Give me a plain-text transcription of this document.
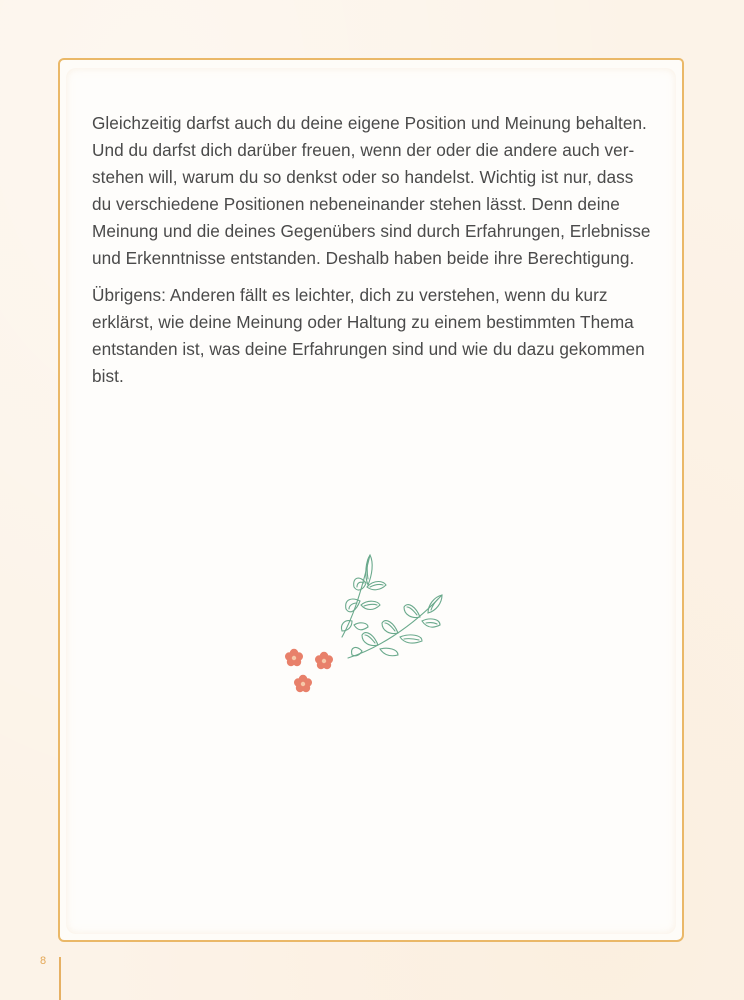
Gleichzeitig darfst auch du deine eigene Position und Meinung behalten.
Und du darfst dich darüber freuen, wenn der oder die andere auch ver-
stehen will, warum du so denkst oder so handelst. Wichtig ist nur, dass
du verschiedene Positionen nebeneinander stehen lässt. Denn deine
Meinung und die deines Gegenübers sind durch Erfahrungen, Erlebnisse
und Erkenntnisse entstanden. Deshalb haben beide ihre Berechtigung.

Übrigens: Anderen fällt es leichter, dich zu verstehen, wenn du kurz
erklärst, wie deine Meinung oder Haltung zu einem bestimmten Thema
entstanden ist, was deine Erfahrungen sind und wie du dazu gekommen
bist.

8
